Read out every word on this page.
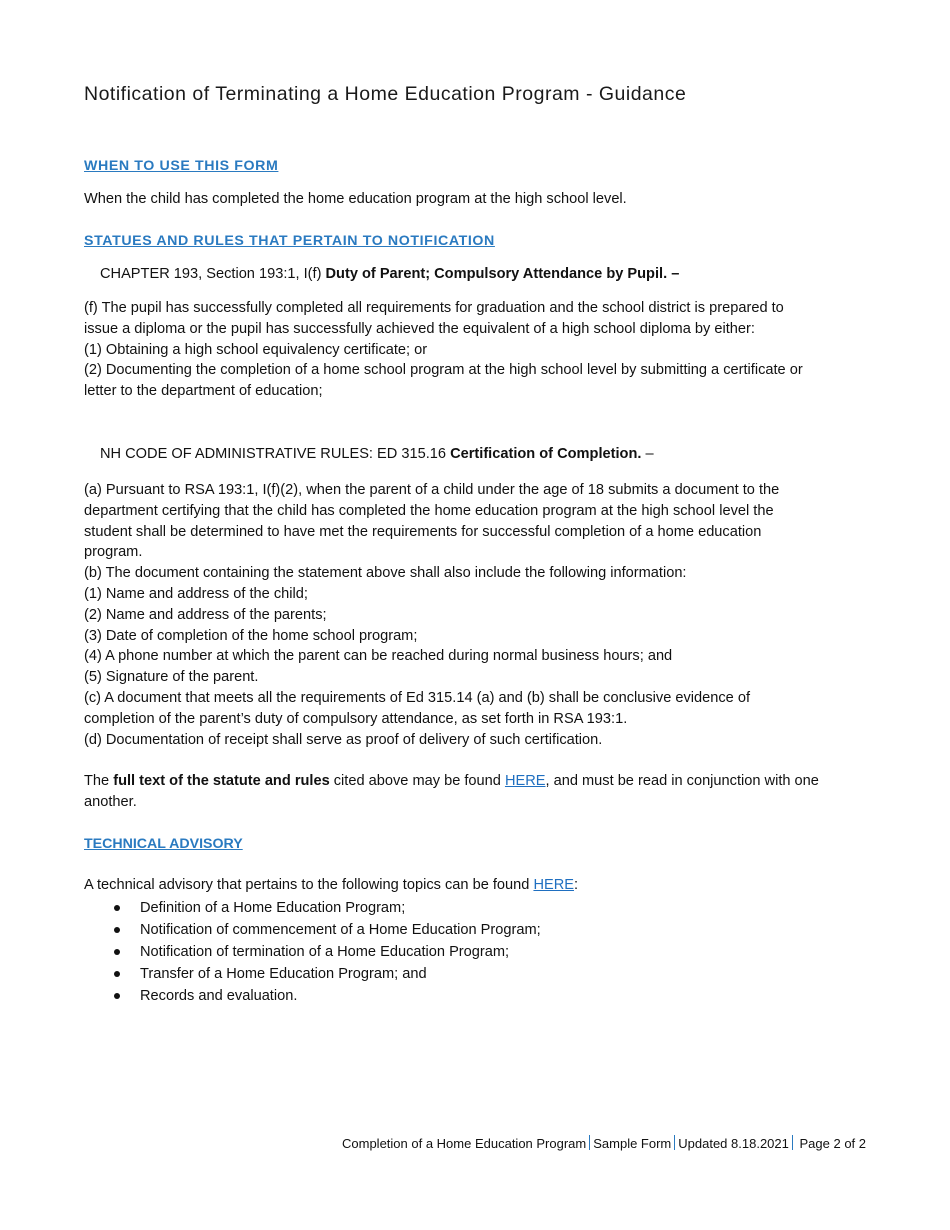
Notification of Terminating a Home Education Program - Guidance
WHEN TO USE THIS FORM
When the child has completed the home education program at the high school level.
STATUES AND RULES THAT PERTAIN TO NOTIFICATION
CHAPTER 193, Section 193:1, I(f) Duty of Parent; Compulsory Attendance by Pupil. –

(f) The pupil has successfully completed all requirements for graduation and the school district is prepared to

issue a diploma or the pupil has successfully achieved the equivalent of a high school diploma by either:

(1) Obtaining a high school equivalency certificate; or

(2) Documenting the completion of a home school program at the high school level by submitting a certificate or

letter to the department of education;

NH CODE OF ADMINISTRATIVE RULES: ED 315.16 Certification of Completion. –

(a) Pursuant to RSA 193:1, I(f)(2), when the parent of a child under the age of 18 submits a document to the

department certifying that the child has completed the home education program at the high school level the

student shall be determined to have met the requirements for successful completion of a home education

program.

(b) The document containing the statement above shall also include the following information:

(1) Name and address of the child;

(2) Name and address of the parents;

(3) Date of completion of the home school program;

(4) A phone number at which the parent can be reached during normal business hours; and

(5) Signature of the parent.

(c) A document that meets all the requirements of Ed 315.14 (a) and (b) shall be conclusive evidence of

completion of the parent’s duty of compulsory attendance, as set forth in RSA 193:1.

(d) Documentation of receipt shall serve as proof of delivery of such certification.

The full text of the statute and rules cited above may be found HERE, and must be read in conjunction with one

another.

TECHNICAL ADVISORY
A technical advisory that pertains to the following topics can be found HERE:
Definition of a Home Education Program;
Notification of commencement of a Home Education Program;
Notification of termination of a Home Education Program;
Transfer of a Home Education Program; and
Records and evaluation.
Completion of a Home Education Program Sample Form Updated 8.18.2021 Page 2 of 2
